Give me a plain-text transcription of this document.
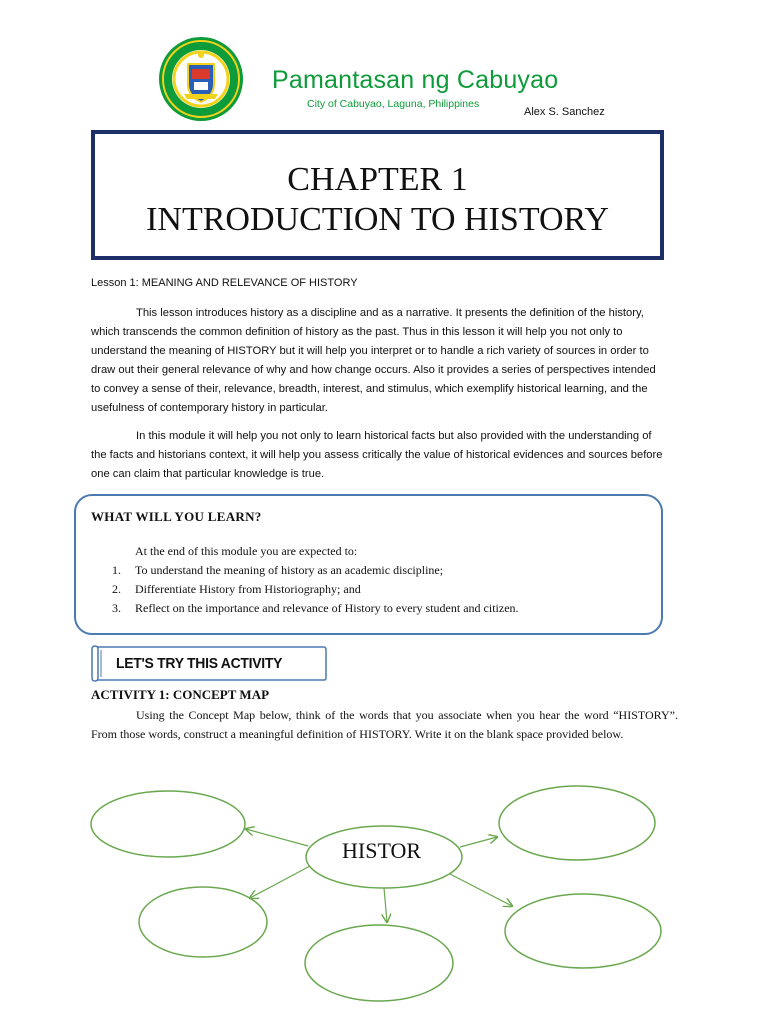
Pamantasan ng Cabuyao
City of Cabuyao, Laguna, Philippines
Alex S. Sanchez
CHAPTER 1
INTRODUCTION TO HISTORY
Lesson 1: MEANING AND RELEVANCE OF HISTORY
This lesson introduces history as a discipline and as a narrative. It presents the definition of the history, which transcends the common definition of history as the past. Thus in this lesson it will help you not only to understand the meaning of HISTORY but it will help you interpret or to handle a rich variety of sources in order to draw out their general relevance of why and how change occurs. Also it provides a series of perspectives intended to convey a sense of their, relevance, breadth, interest, and stimulus, which exemplify historical learning, and the usefulness of contemporary history in particular.
In this module it will help you not only to learn historical facts but also provided with the understanding of the facts and historians context, it will help you assess critically the value of historical evidences and sources before one can claim that particular knowledge is true.
WHAT WILL YOU LEARN?
At the end of this module you are expected to:
1. To understand the meaning of history as an academic discipline;
2. Differentiate History from Historiography; and
3. Reflect on the importance and relevance of History to every student and citizen.
LET'S TRY THIS ACTIVITY
ACTIVITY 1: CONCEPT MAP
Using the Concept Map below, think of the words that you associate when you hear the word “HISTORY”. From those words, construct a meaningful definition of HISTORY. Write it on the blank space provided below.
HISTOR
